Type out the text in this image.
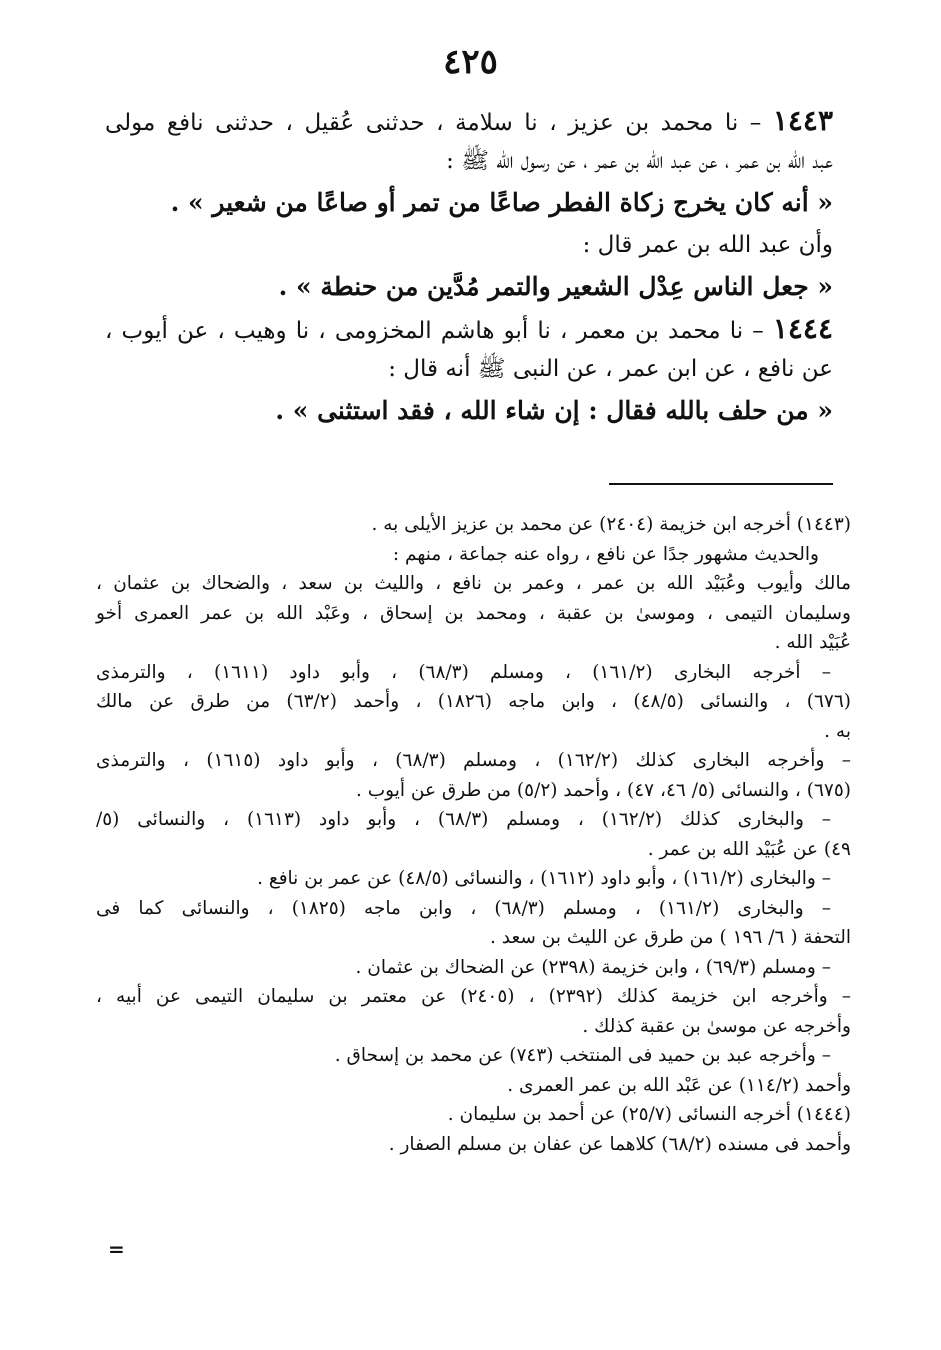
٤٢٥
١٤٤٣ – نا محمد بن عزيز ، نا سلامة ، حدثنى عُقيل ، حدثنى نافع مولى
عبد الله بن عمر ، عن عبد الله بن عمر ، عن رسول الله ﷺ :
« أنه كان يخرج زكاة الفطر صاعًا من تمر أو صاعًا من شعير » .
وأن عبد الله بن عمر قال :
« جعل الناس عِدْل الشعير والتمر مُدَّين من حنطة » .
١٤٤٤ – نا محمد بن معمر ، نا أبو هاشم المخزومى ، نا وهيب ، عن أيوب ،
عن نافع ، عن ابن عمر ، عن النبى ﷺ أنه قال :
« من حلف بالله فقال : إن شاء الله ، فقد استثنى » .
(١٤٤٣) أخرجه ابن خزيمة (٢٤٠٤) عن محمد بن عزيز الأيلى به .
والحديث مشهور جدًا عن نافع ، رواه عنه جماعة ، منهم :
مالك وأيوب وعُبَيْد الله بن عمر ، وعمر بن نافع ، والليث بن سعد ، والضحاك بن عثمان ،
وسليمان التيمى ، وموسىٰ بن عقبة ، ومحمد بن إسحاق ، وعَبْد الله بن عمر العمرى أخو
عُبَيْد الله .
– أخرجه البخارى (١٦١/٢) ، ومسلم (٦٨/٣) ، وأبو داود (١٦١١) ، والترمذى
(٦٧٦) ، والنسائى (٤٨/٥) ، وابن ماجه (١٨٢٦) ، وأحمد (٦٣/٢) من طرق عن مالك
به .
– وأخرجه البخارى كذلك (١٦٢/٢) ، ومسلم (٦٨/٣) ، وأبو داود (١٦١٥) ، والترمذى
(٦٧٥) ، والنسائى (٥/ ٤٦، ٤٧) ، وأحمد (٥/٢) من طرق عن أيوب .
– والبخارى كذلك (١٦٢/٢) ، ومسلم (٦٨/٣) ، وأبو داود (١٦١٣) ، والنسائى (٥/
٤٩) عن عُبَيْد الله بن عمر .
– والبخارى (١٦١/٢) ، وأبو داود (١٦١٢) ، والنسائى (٤٨/٥) عن عمر بن نافع .
– والبخارى (١٦١/٢) ، ومسلم (٦٨/٣) ، وابن ماجه (١٨٢٥) ، والنسائى كما فى
التحفة ( ٦/ ١٩٦ ) من طرق عن الليث بن سعد .
– ومسلم (٦٩/٣) ، وابن خزيمة (٢٣٩٨) عن الضحاك بن عثمان .
– وأخرجه ابن خزيمة كذلك (٢٣٩٢) ، (٢٤٠٥) عن معتمر بن سليمان التيمى عن أبيه ،
وأخرجه عن موسىٰ بن عقبة كذلك .
– وأخرجه عبد بن حميد فى المنتخب (٧٤٣) عن محمد بن إسحاق .
وأحمد (١١٤/٢) عن عَبْد الله بن عمر العمرى .
(١٤٤٤) أخرجه النسائى (٢٥/٧) عن أحمد بن سليمان .
وأحمد فى مسنده (٦٨/٢) كلاهما عن عفان بن مسلم الصفار .
=
